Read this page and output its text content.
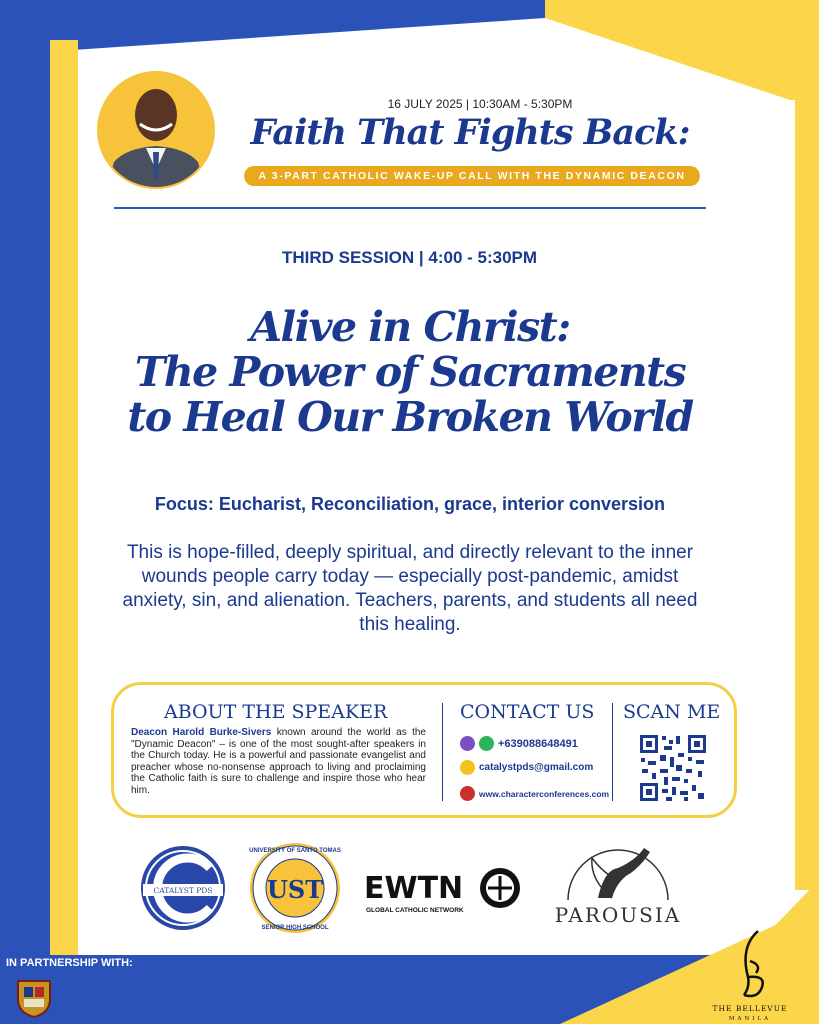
16 JULY 2025 | 10:30AM - 5:30PM
Faith That Fights Back:
A 3-PART CATHOLIC WAKE-UP CALL WITH THE DYNAMIC DEACON
THIRD SESSION | 4:00 - 5:30PM
Alive in Christ:
The Power of Sacraments
to Heal Our Broken World
Focus: Eucharist, Reconciliation, grace, interior conversion
This is hope-filled, deeply spiritual, and directly relevant to the inner wounds people carry today — especially post-pandemic, amidst anxiety, sin, and alienation. Teachers, parents, and students all need this healing.
ABOUT THE SPEAKER
Deacon Harold Burke-Sivers known around the world as the "Dynamic Deacon" – is one of the most sought-after speakers in the Church today. He is a powerful and passionate evangelist and preacher whose no-nonsense approach to living and proclaiming the Catholic faith is sure to challenge and inspire those who hear him.
CONTACT US
+639088648491
catalystpds@gmail.com
www.characterconferences.com
SCAN ME
CATALYST PDS UST
UNIVERSITY OF SANTO TOMAS
SENIOR HIGH SCHOOL
EWTN
GLOBAL CATHOLIC NETWORK	PAROUSIA
IN PARTNERSHIP WITH:
THE BELLEVUE
MANILA
